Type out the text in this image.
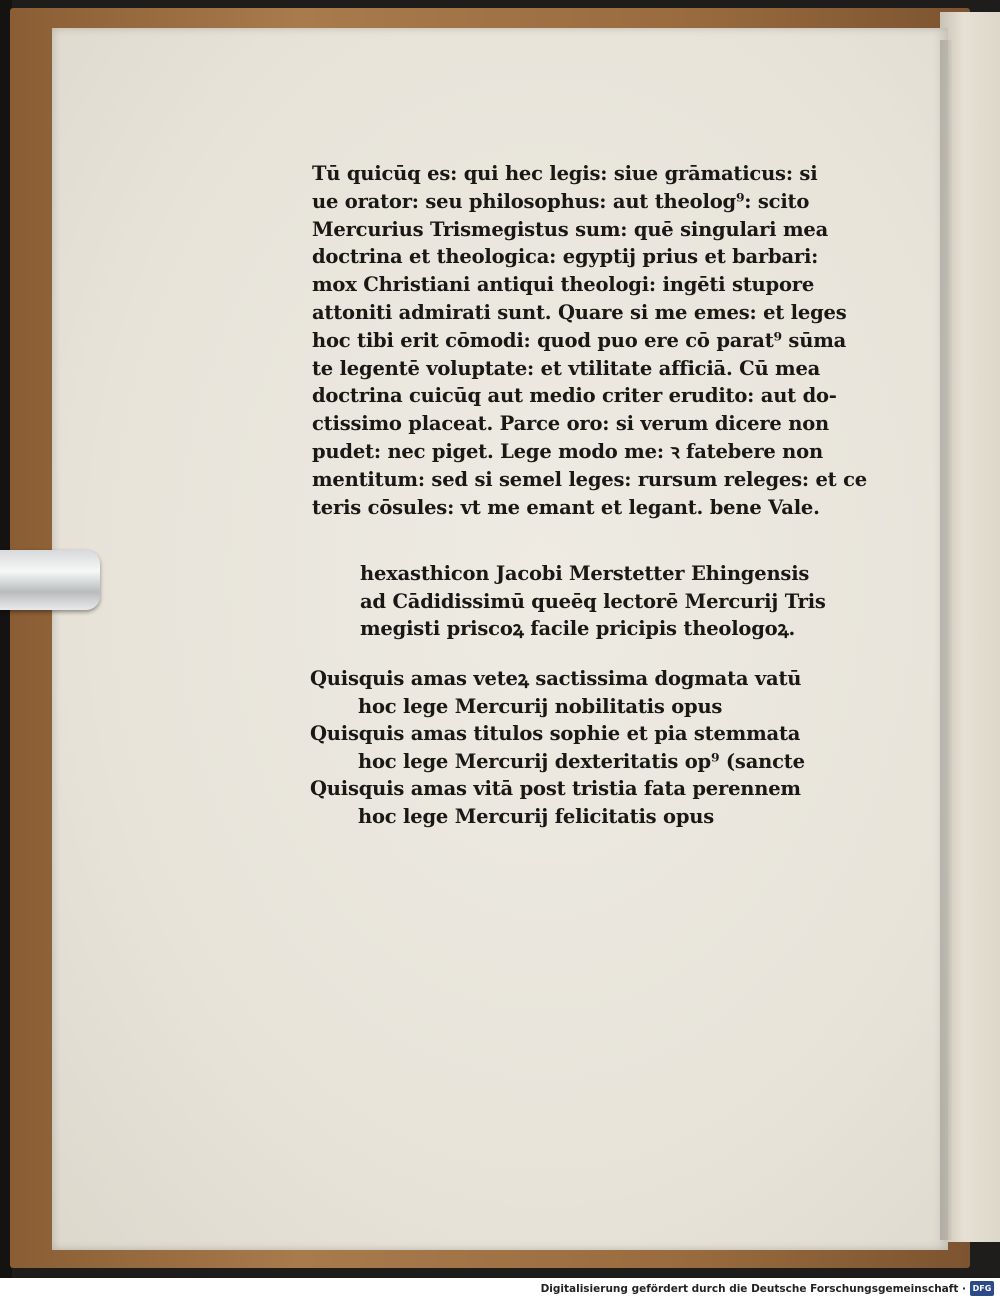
Tū quicūq̧ es: qui hec legis: siue grāmaticus: si
ue orator: seu philosophus: aut theolog⁹: scito
Mercurius Trismegistus sum: quē singulari mea
doctrina et theologica: egyptij prius et barbari:
mox Christiani antiqui theologi: ingēti stupore
attoniti admirati sunt. Quare si me emes: et leges
hoc tibi erit cōmodi: quod puo ere cō parat⁹ sūma
te legentē voluptate: et vtilitate afficiā. Cū mea
doctrina cuicūq̧ aut medio criter erudito: aut do-
ctissimo placeat. Parce oro: si verum dicere non
pudet: nec piget. Lege modo me: ꝛ fatebere non
mentitum: sed si semel leges: rursum releges: et ce
teris cōsules: vt me emant et legant. bene Vale.
hexasthicon Jacobi Merstetter Ehingensis
ad Cādidissimū queēq̧ lectorē Mercurij Tris
megisti priscoꝝ facile pricipis theologoꝝ.
Quisquis amas veteꝝ sactissima dogmata vatū
hoc lege Mercurij nobilitatis opus
Quisquis amas titulos sophie et pia stemmata
hoc lege Mercurij dexteritatis op⁹ (sancte
Quisquis amas vitā post tristia fata perennem
hoc lege Mercurij felicitatis opus
Digitalisierung gefördert durch die Deutsche Forschungsgemeinschaft · DFG
